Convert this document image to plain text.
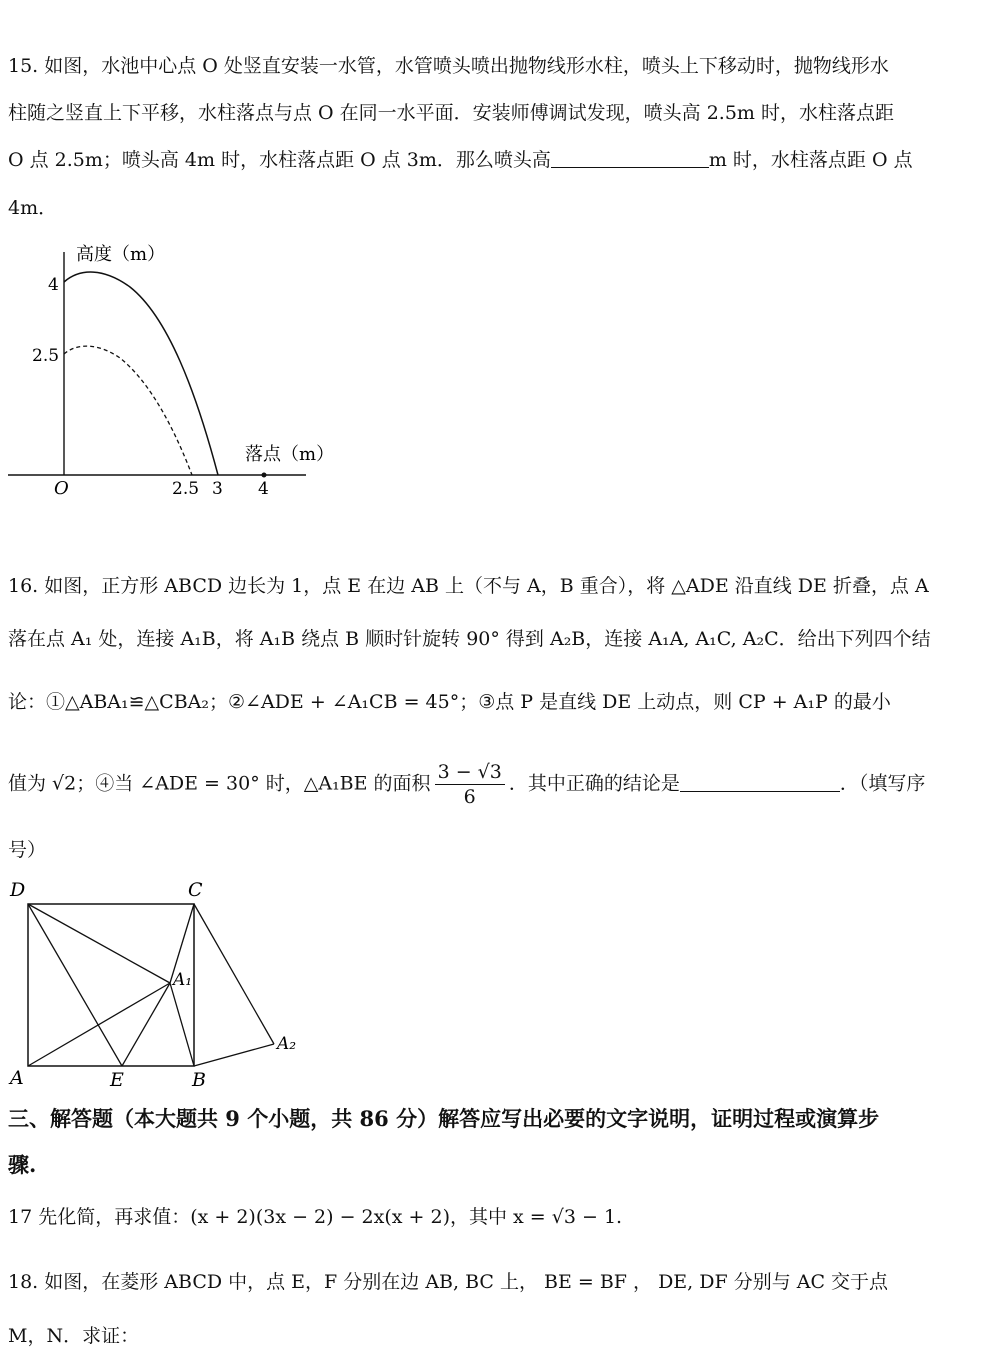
15. 如图，水池中心点 O 处竖直安装一水管，水管喷头喷出抛物线形水柱，喷头上下移动时，抛物线形水
柱随之竖直上下平移，水柱落点与点 O 在同一水平面．安装师傅调试发现，喷头高 2.5m 时，水柱落点距
O 点 2.5m；喷头高 4m 时，水柱落点距 O 点 3m．那么喷头高	m 时，水柱落点距 O 点
4m．
高度（m）
落点（m）
O
4
2.5
2.5 3 4
16. 如图，正方形 ABCD 边长为 1，点 E 在边 AB 上（不与 A，B 重合），将 △ADE 沿直线 DE 折叠，点 A
落在点 A₁ 处，连接 A₁B，将 A₁B 绕点 B 顺时针旋转 90° 得到 A₂B，连接 A₁A, A₁C, A₂C．给出下列四个结
论：①△ABA₁≌△CBA₂；②∠ADE + ∠A₁CB = 45°；③点 P 是直线 DE 上动点，则 CP + A₁P 的最小
值为 √2；④当 ∠ADE = 30° 时，△A₁BE 的面积 $\frac{3 - √3}{6}$ ．其中正确的结论是	．（填写序
号）
D	C
A	E	B
A₁
A₂
三、解答题（本大题共 9 个小题，共 86 分）解答应写出必要的文字说明，证明过程或演算步
骤.
17 先化简，再求值：(x + 2)(3x − 2) − 2x(x + 2)，其中 x = √3 − 1.
18. 如图，在菱形 ABCD 中，点 E，F 分别在边 AB, BC 上， BE = BF ， DE, DF 分别与 AC 交于点
M，N．求证：
